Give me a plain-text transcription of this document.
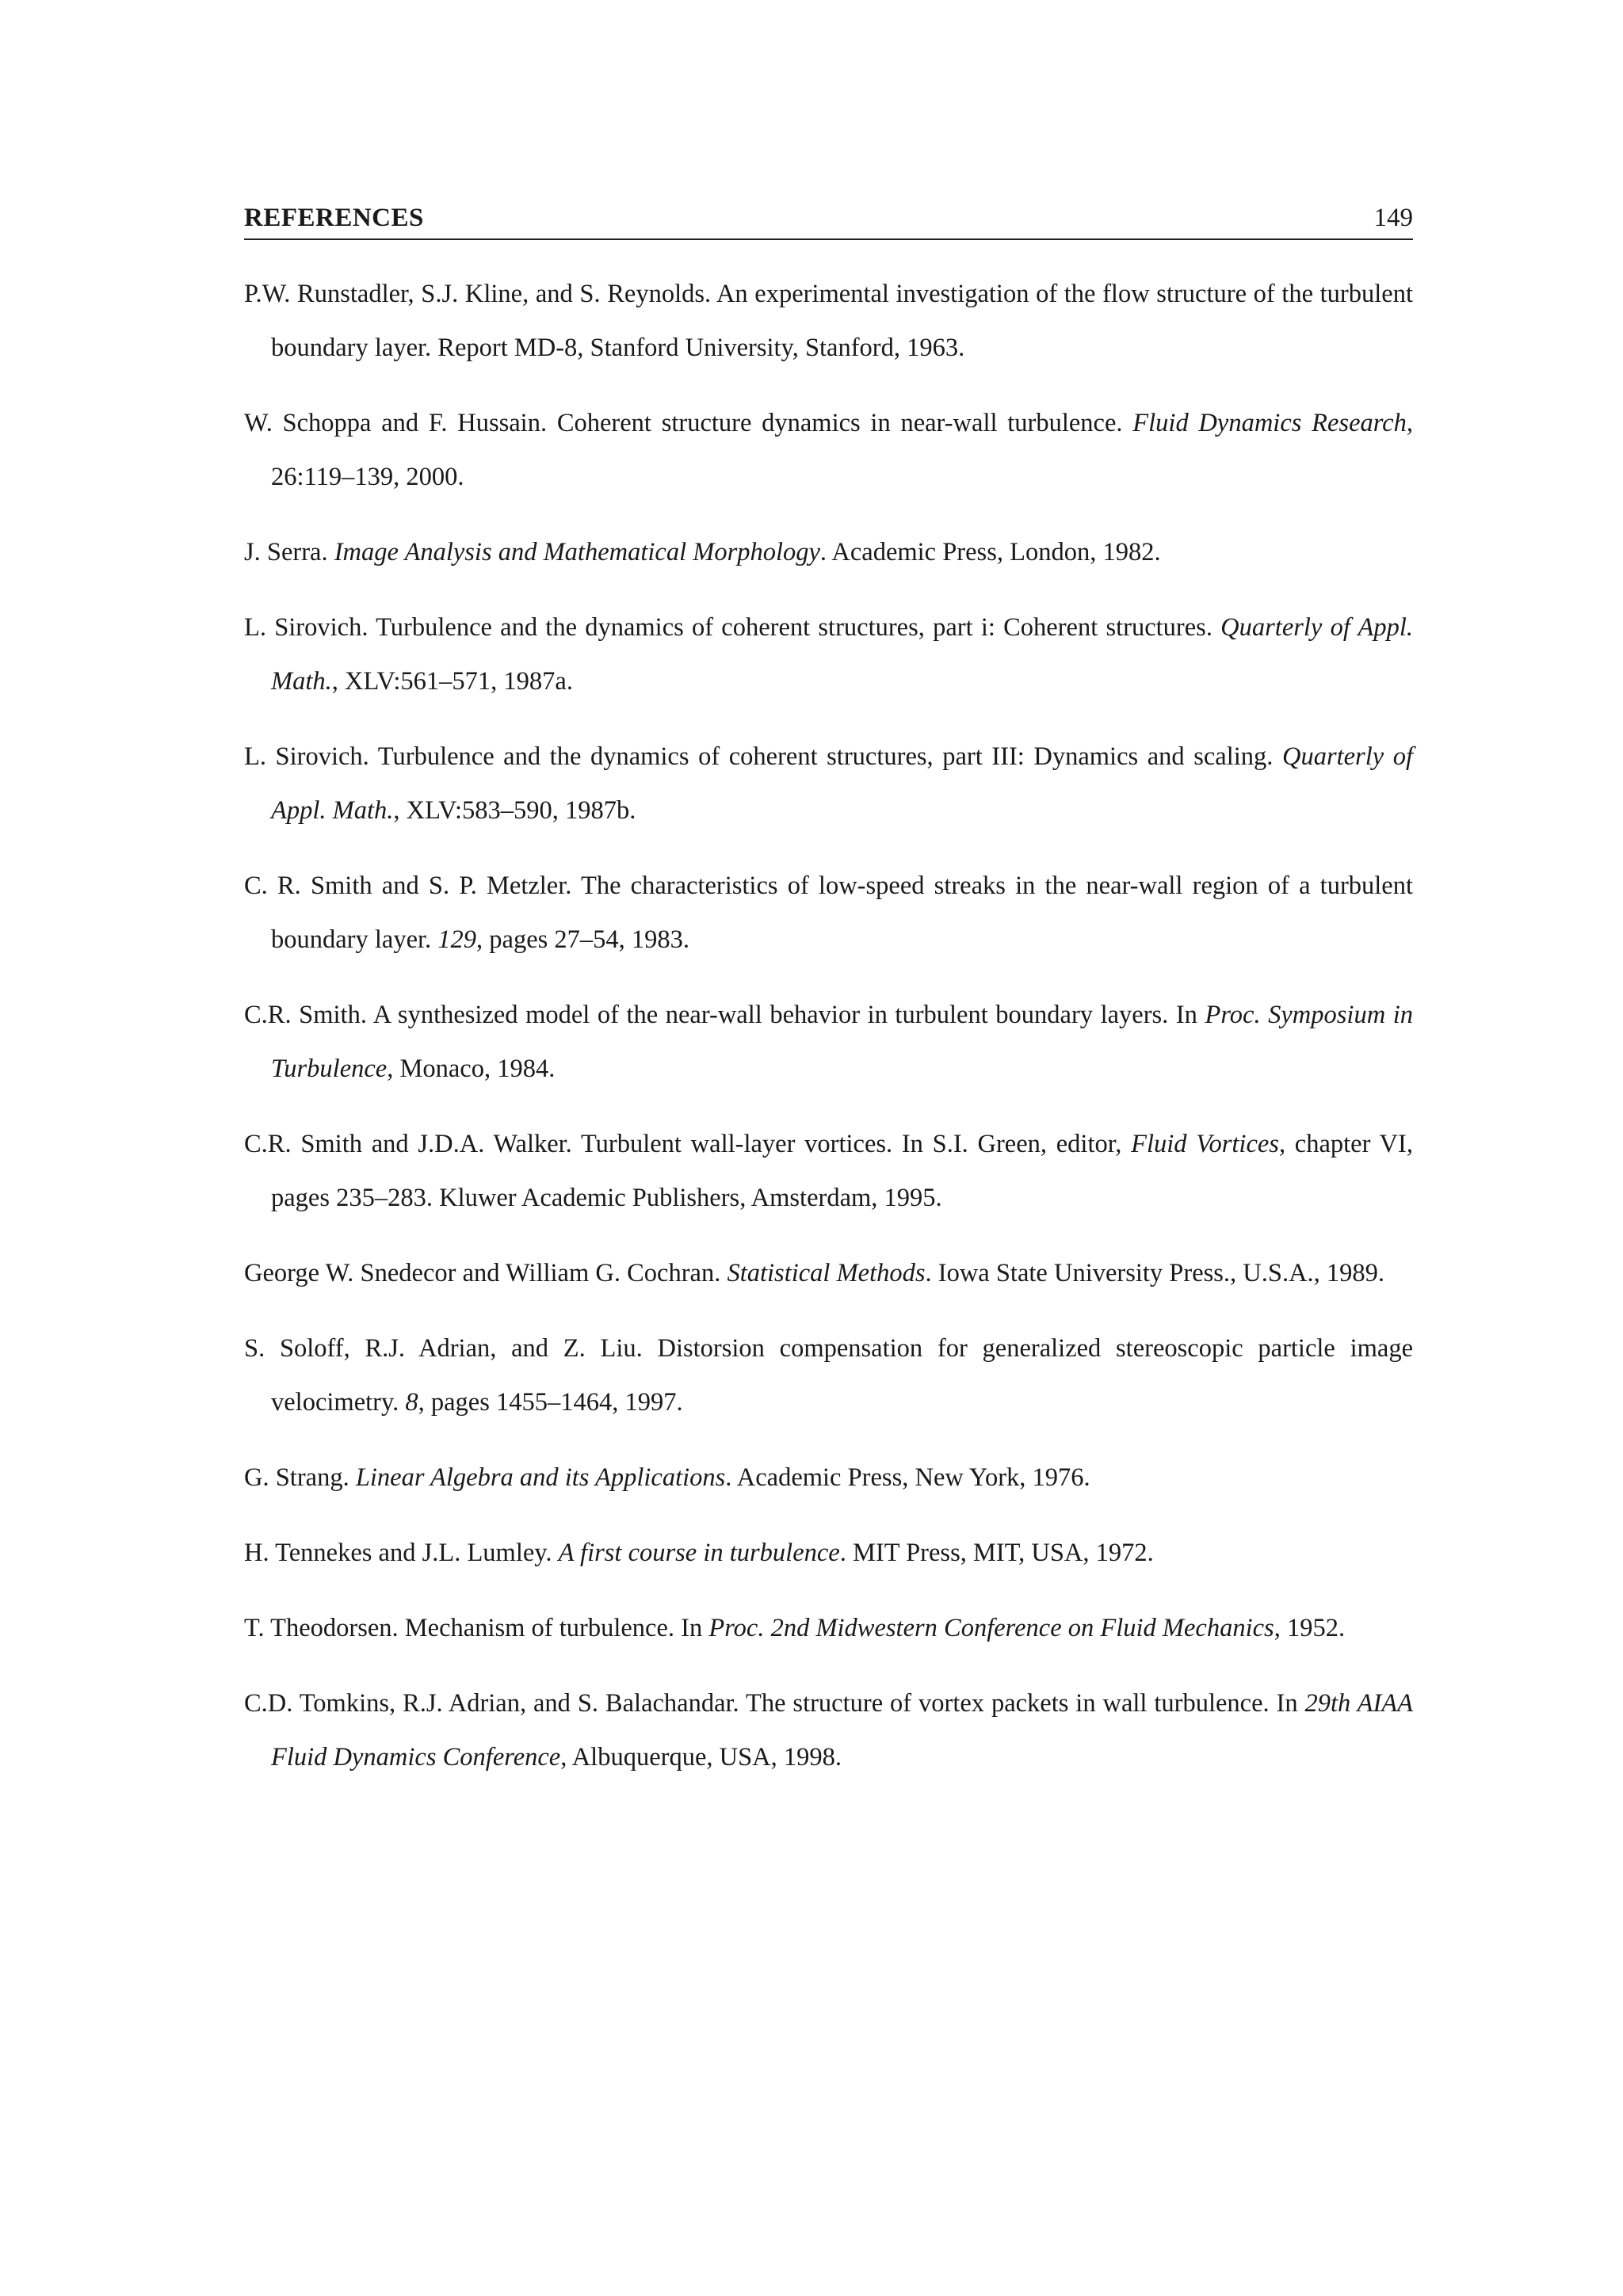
REFERENCES	149
P.W. Runstadler, S.J. Kline, and S. Reynolds. An experimental investigation of the flow structure of the turbulent boundary layer. Report MD-8, Stanford University, Stanford, 1963.
W. Schoppa and F. Hussain. Coherent structure dynamics in near-wall turbulence. Fluid Dynamics Research, 26:119–139, 2000.
J. Serra. Image Analysis and Mathematical Morphology. Academic Press, London, 1982.
L. Sirovich. Turbulence and the dynamics of coherent structures, part i: Coherent structures. Quarterly of Appl. Math., XLV:561–571, 1987a.
L. Sirovich. Turbulence and the dynamics of coherent structures, part III: Dynamics and scaling. Quarterly of Appl. Math., XLV:583–590, 1987b.
C. R. Smith and S. P. Metzler. The characteristics of low-speed streaks in the near-wall region of a turbulent boundary layer. 129, pages 27–54, 1983.
C.R. Smith. A synthesized model of the near-wall behavior in turbulent boundary layers. In Proc. Symposium in Turbulence, Monaco, 1984.
C.R. Smith and J.D.A. Walker. Turbulent wall-layer vortices. In S.I. Green, editor, Fluid Vortices, chapter VI, pages 235–283. Kluwer Academic Publishers, Amsterdam, 1995.
George W. Snedecor and William G. Cochran. Statistical Methods. Iowa State University Press., U.S.A., 1989.
S. Soloff, R.J. Adrian, and Z. Liu. Distorsion compensation for generalized stereoscopic particle image velocimetry. 8, pages 1455–1464, 1997.
G. Strang. Linear Algebra and its Applications. Academic Press, New York, 1976.
H. Tennekes and J.L. Lumley. A first course in turbulence. MIT Press, MIT, USA, 1972.
T. Theodorsen. Mechanism of turbulence. In Proc. 2nd Midwestern Conference on Fluid Mechanics, 1952.
C.D. Tomkins, R.J. Adrian, and S. Balachandar. The structure of vortex packets in wall turbulence. In 29th AIAA Fluid Dynamics Conference, Albuquerque, USA, 1998.
